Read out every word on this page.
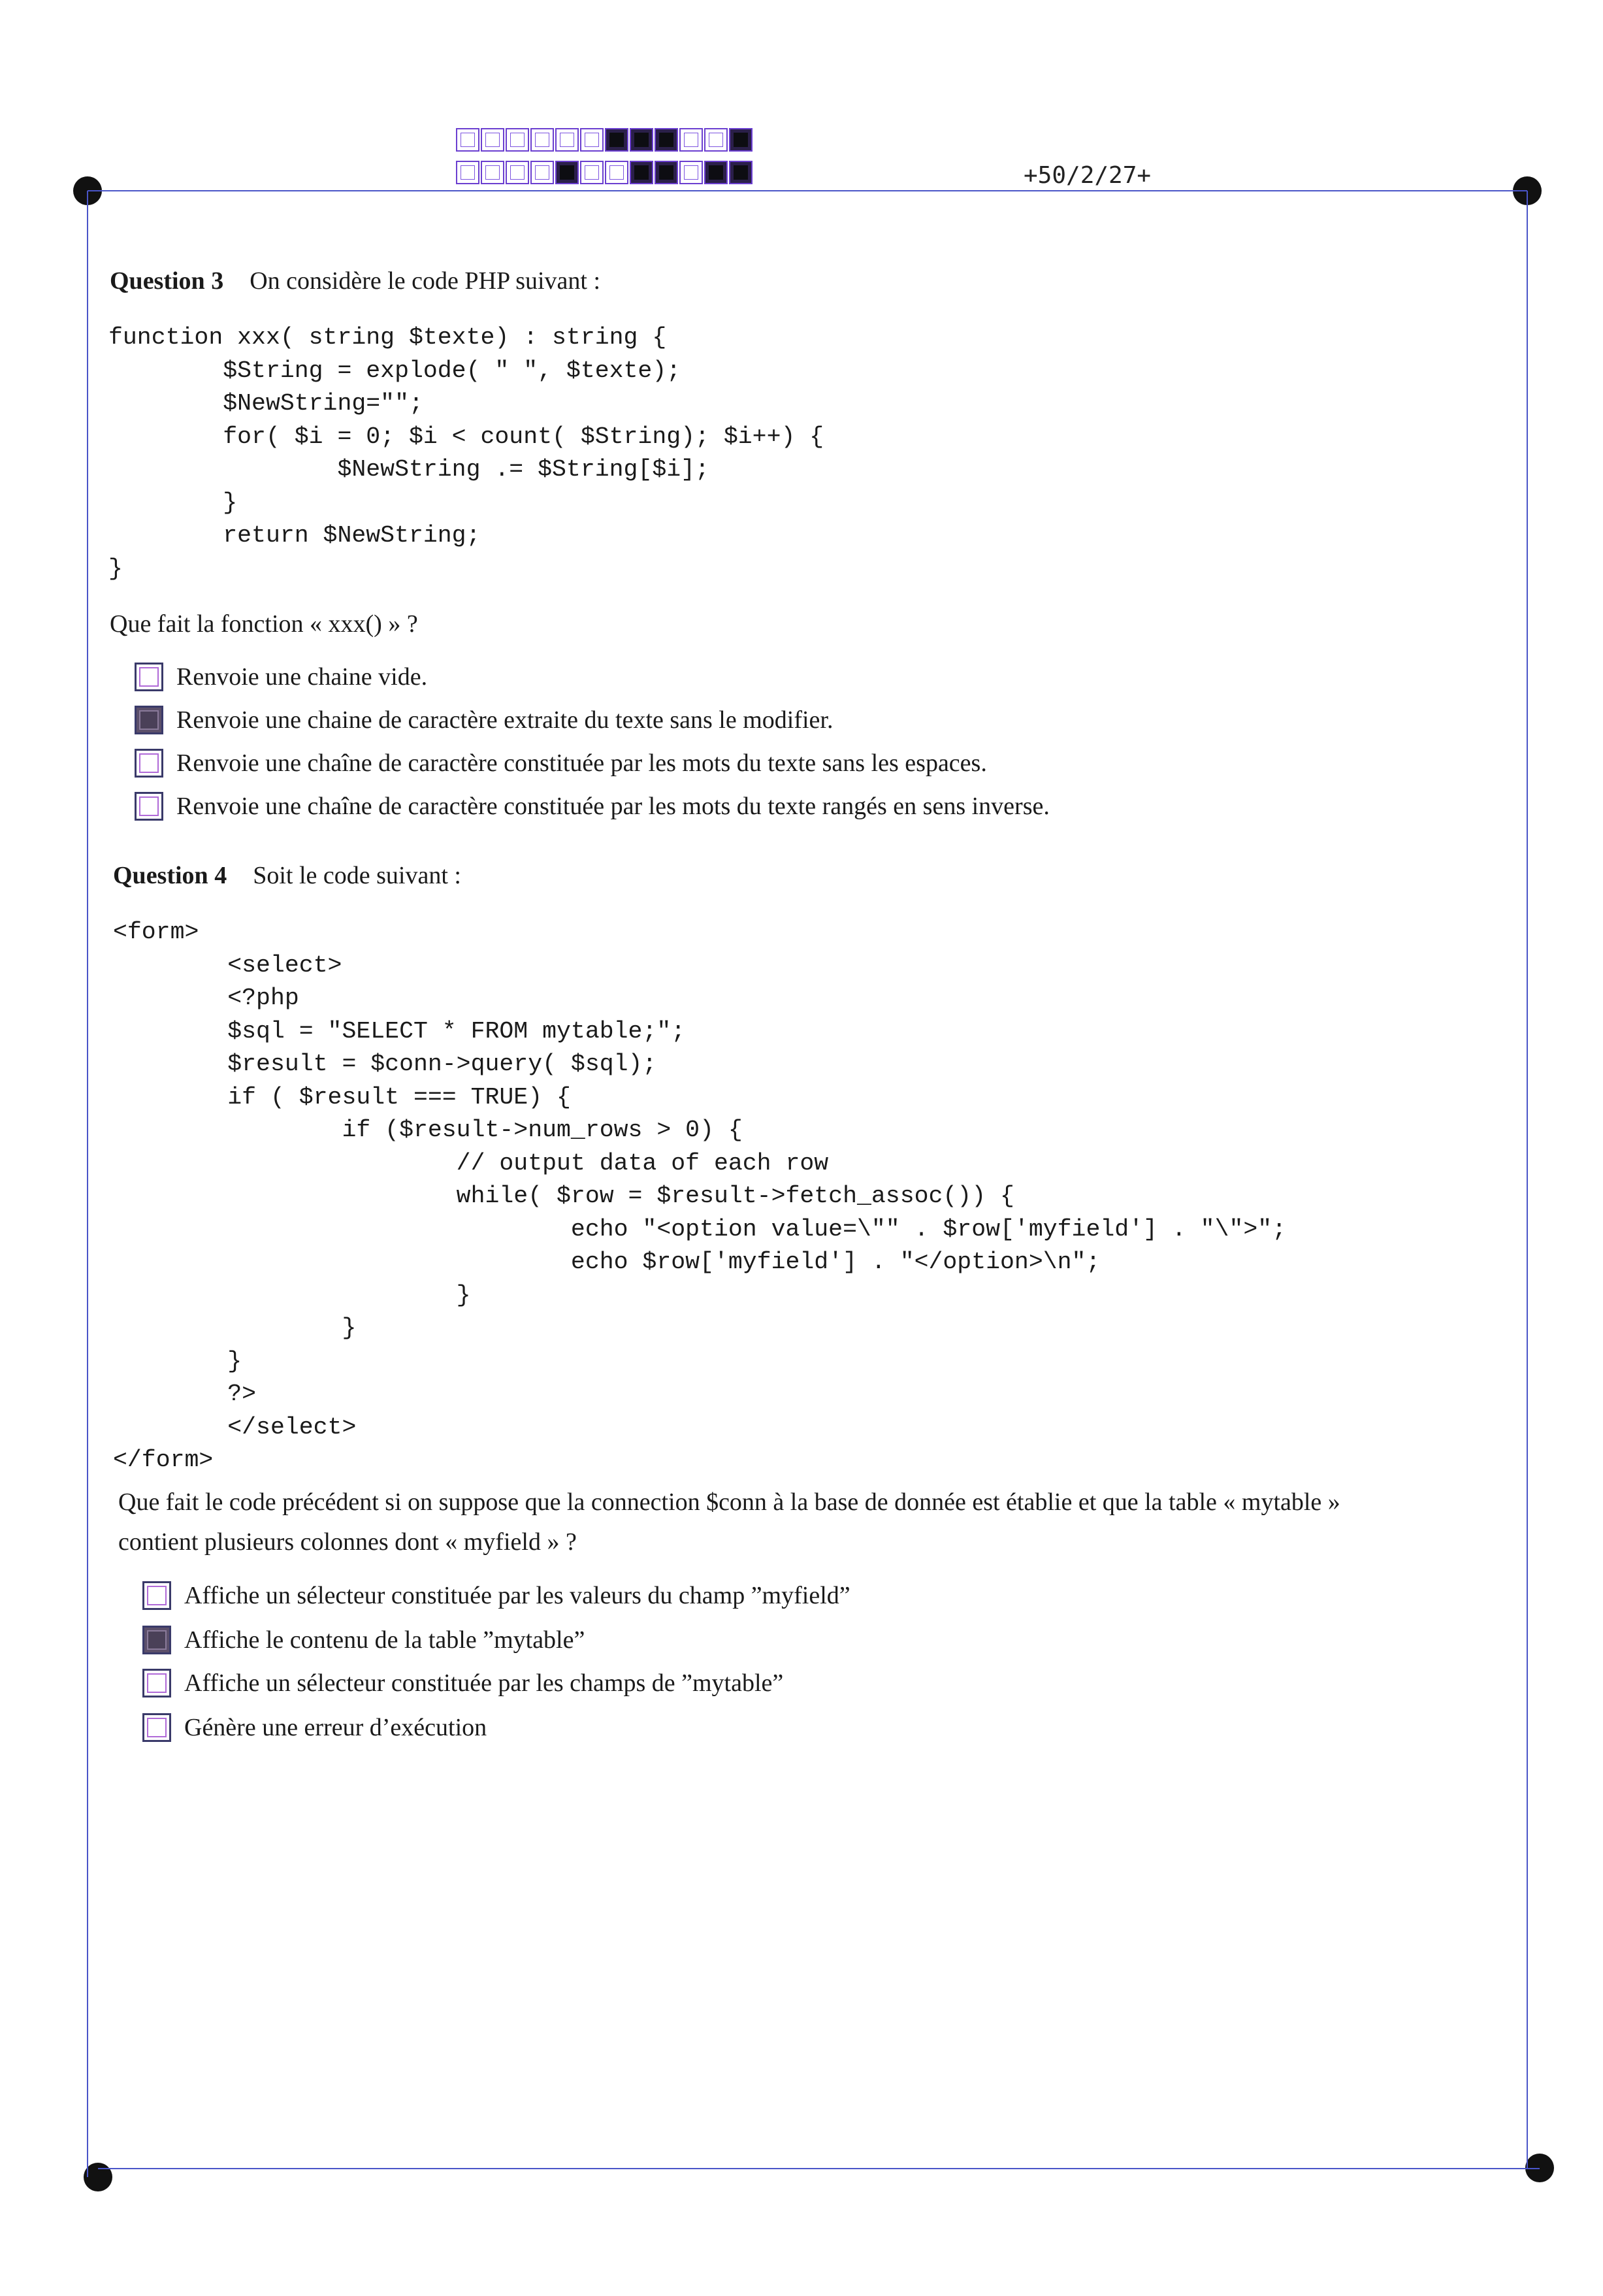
+50/2/27+
Question 3 On considère le code PHP suivant :
function xxx( string $texte) : string {
$String = explode( " ", $texte);
$NewString="";
for( $i = 0; $i < count( $String); $i++) {
$NewString .= $String[$i];
}
return $NewString;
}
Que fait la fonction « xxx() » ?
Renvoie une chaine vide.
Renvoie une chaine de caractère extraite du texte sans le modifier.
Renvoie une chaîne de caractère constituée par les mots du texte sans les espaces.
Renvoie une chaîne de caractère constituée par les mots du texte rangés en sens inverse.
Question 4 Soit le code suivant :
<form>
<select>
<?php
$sql = "SELECT * FROM mytable;";
$result = $conn->query( $sql);
if ( $result === TRUE) {
if ($result->num_rows > 0) {
// output data of each row
while( $row = $result->fetch_assoc()) {
echo "<option value=\"" . $row['myfield'] . "\">";
echo $row['myfield'] . "</option>\n";
}
}
}
?>
</select>
</form>
Que fait le code précédent si on suppose que la connection $conn à la base de donnée est établie et que la table « mytable »
contient plusieurs colonnes dont « myfield » ?
Affiche un sélecteur constituée par les valeurs du champ ”myfield”
Affiche le contenu de la table ”mytable”
Affiche un sélecteur constituée par les champs de ”mytable”
Génère une erreur d’exécution
